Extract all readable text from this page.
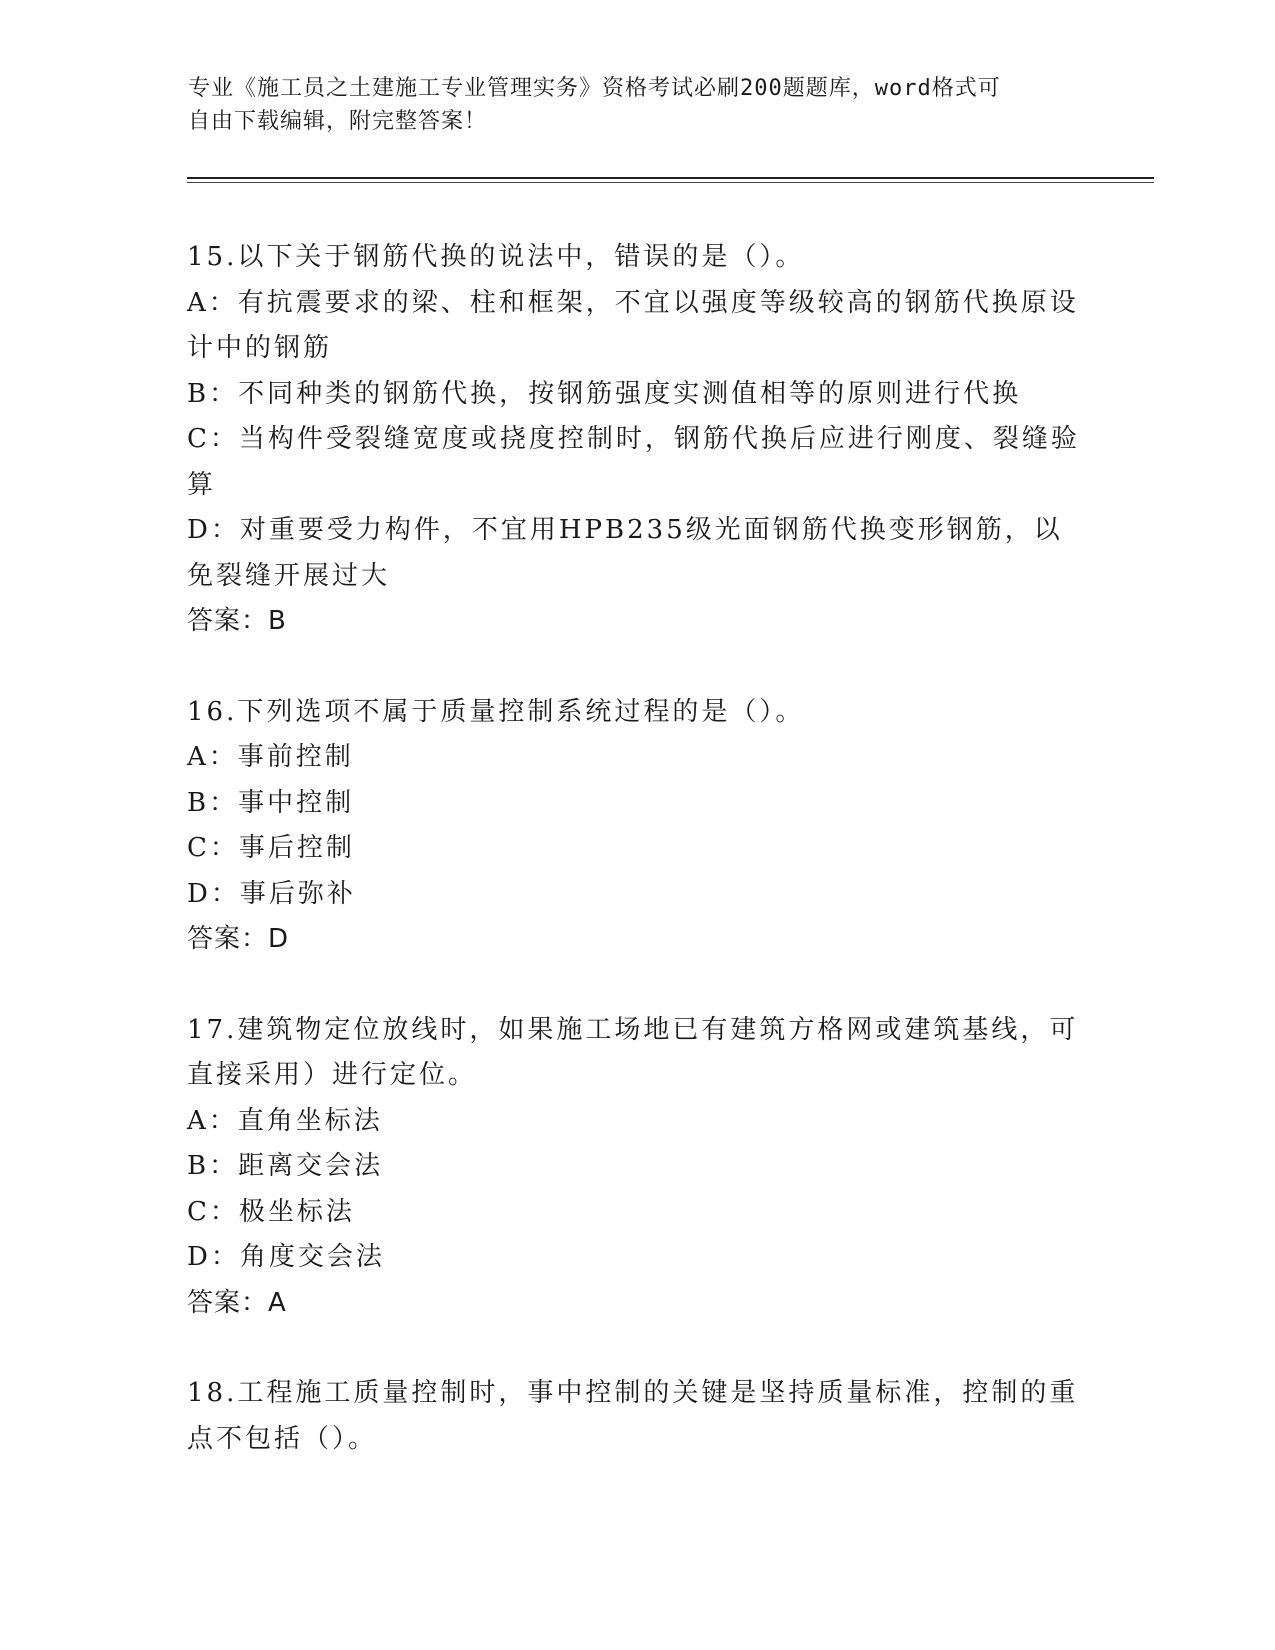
专业《施工员之土建施工专业管理实务》资格考试必刷200题题库，word格式可
自由下载编辑，附完整答案！
15.以下关于钢筋代换的说法中，错误的是（）。
A：有抗震要求的梁、柱和框架，不宜以强度等级较高的钢筋代换原设计中的钢筋
B：不同种类的钢筋代换，按钢筋强度实测值相等的原则进行代换
C：当构件受裂缝宽度或挠度控制时，钢筋代换后应进行刚度、裂缝验算
D：对重要受力构件，不宜用HPB235级光面钢筋代换变形钢筋，以免裂缝开展过大
答案：B
16.下列选项不属于质量控制系统过程的是（）。
A：事前控制
B：事中控制
C：事后控制
D：事后弥补
答案：D
17.建筑物定位放线时，如果施工场地已有建筑方格网或建筑基线，可直接采用）进行定位。
A：直角坐标法
B：距离交会法
C：极坐标法
D：角度交会法
答案：A
18.工程施工质量控制时，事中控制的关键是坚持质量标准，控制的重点不包括（）。
